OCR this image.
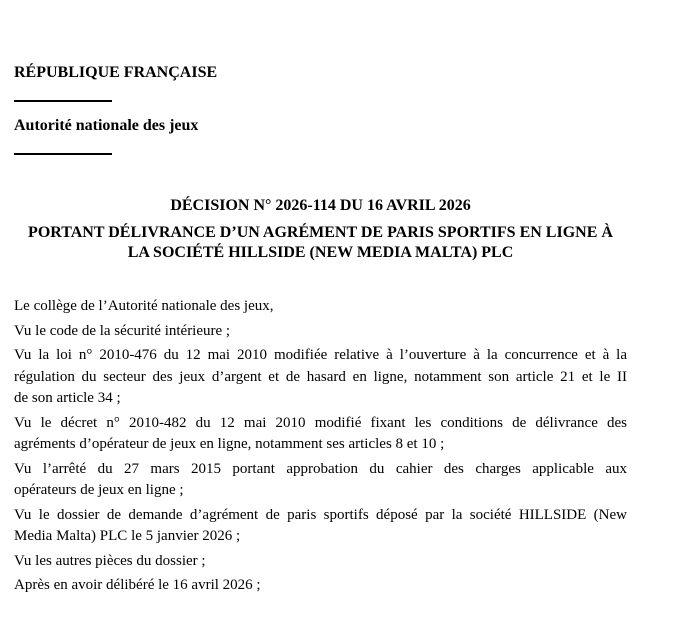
RÉPUBLIQUE FRANÇAISE
Autorité nationale des jeux
DÉCISION N° 2026-114 DU 16 AVRIL 2026
PORTANT DÉLIVRANCE D’UN AGRÉMENT DE PARIS SPORTIFS EN LIGNE À
LA SOCIÉTÉ HILLSIDE (NEW MEDIA MALTA) PLC

Le collège de l’Autorité nationale des jeux,

Vu le code de la sécurité intérieure ;

Vu la loi n° 2010-476 du 12 mai 2010 modifiée relative à l’ouverture à la concurrence et à la
régulation du secteur des jeux d’argent et de hasard en ligne, notamment son article 21 et le II
de son article 34 ;

Vu le décret n° 2010-482 du 12 mai 2010 modifié fixant les conditions de délivrance des
agréments d’opérateur de jeux en ligne, notamment ses articles 8 et 10 ;

Vu l’arrêté du 27 mars 2015 portant approbation du cahier des charges applicable aux
opérateurs de jeux en ligne ;

Vu le dossier de demande d’agrément de paris sportifs déposé par la société HILLSIDE (New
Media Malta) PLC le 5 janvier 2026 ;

Vu les autres pièces du dossier ;

Après en avoir délibéré le 16 avril 2026 ;
